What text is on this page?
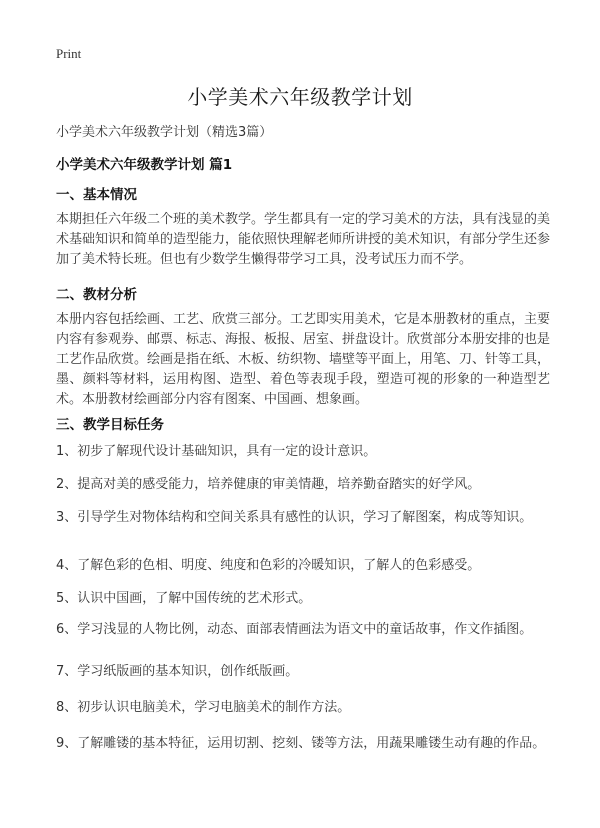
Print
小学美术六年级教学计划
小学美术六年级教学计划（精选3篇）
小学美术六年级教学计划 篇1
一、基本情况
本期担任六年级二个班的美术教学。学生都具有一定的学习美术的方法，具有浅显的美术基础知识和简单的造型能力，能依照快理解老师所讲授的美术知识，有部分学生还参加了美术特长班。但也有少数学生懒得带学习工具，没考试压力而不学。
二、教材分析
本册内容包括绘画、工艺、欣赏三部分。工艺即实用美术，它是本册教材的重点，主要内容有参观券、邮票、标志、海报、板报、居室、拼盘设计。欣赏部分本册安排的也是工艺作品欣赏。绘画是指在纸、木板、纺织物、墙壁等平面上，用笔、刀、针等工具，墨、颜料等材料，运用构图、造型、着色等表现手段，塑造可视的形象的一种造型艺术。本册教材绘画部分内容有图案、中国画、想象画。
三、教学目标任务
1、初步了解现代设计基础知识，具有一定的设计意识。
2、提高对美的感受能力，培养健康的审美情趣，培养勤奋踏实的好学风。
3、引导学生对物体结构和空间关系具有感性的认识，学习了解图案，构成等知识。
4、了解色彩的色相、明度、纯度和色彩的冷暖知识，了解人的色彩感受。
5、认识中国画，了解中国传统的艺术形式。
6、学习浅显的人物比例，动态、面部表情画法为语文中的童话故事，作文作插图。
7、学习纸版画的基本知识，创作纸版画。
8、初步认识电脑美术，学习电脑美术的制作方法。
9、了解雕镂的基本特征，运用切割、挖刻、镂等方法，用蔬果雕镂生动有趣的作品。
